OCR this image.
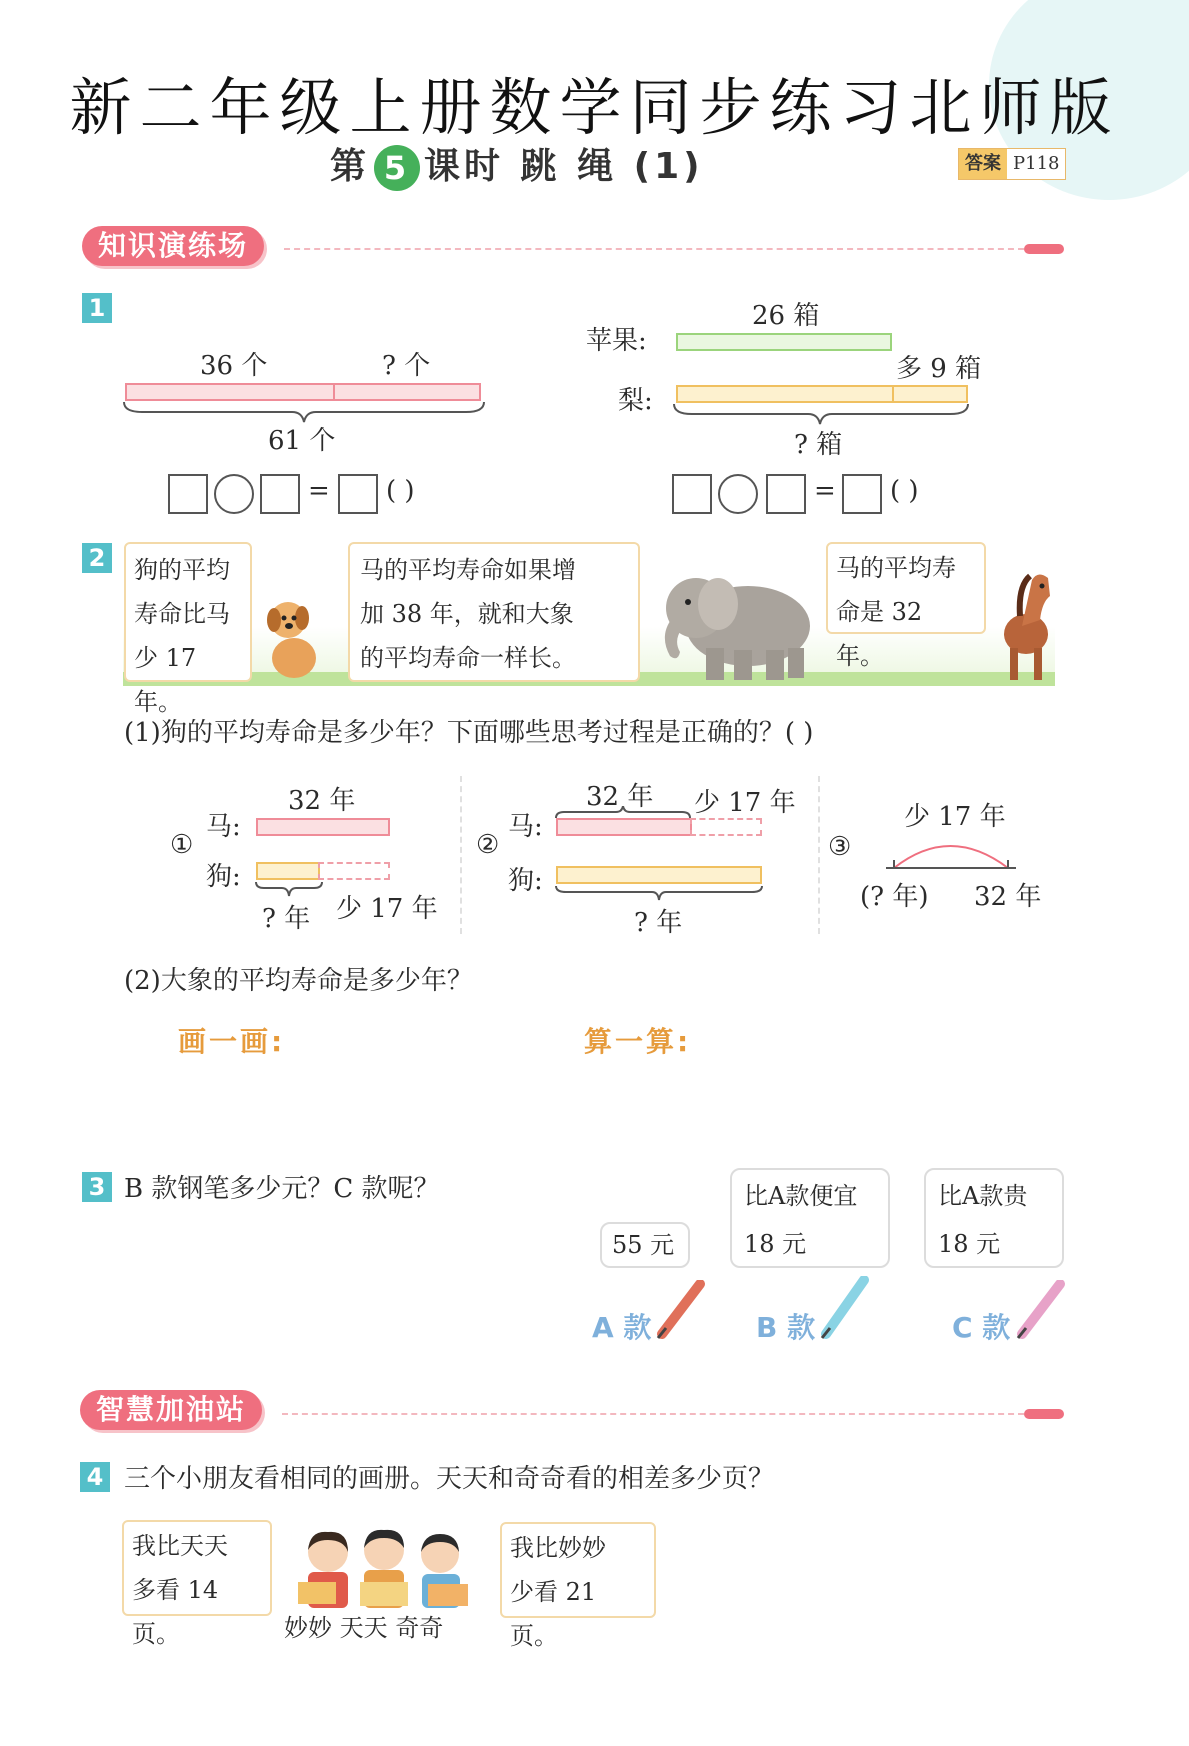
新二年级上册数学同步练习北师版
第 5 课时 跳 绳 (1)	答案 P118
知识演练场
1
36 个	? 个
61 个
= ( )
26 箱
苹果:
多 9 箱
梨:
? 箱
= ( )
2 狗的平均
寿命比马
少 17 年。
马的平均寿命如果增
加 38 年，就和大象
的平均寿命一样长。
马的平均寿
命是 32 年。
(1)狗的平均寿命是多少年？下面哪些思考过程是正确的？( )
①
32 年
马:
狗:
? 年 少 17 年
②
32 年 少 17 年
马:
狗:
? 年
③
少 17 年
(? 年) 32 年
(2)大象的平均寿命是多少年？
画一画:	算一算:
3 B 款钢笔多少元？C 款呢？
55 元
比A款便宜
18 元
比A款贵
18 元
A 款	B 款	C 款
智慧加油站
4 三个小朋友看相同的画册。天天和奇奇看的相差多少页？
我比天天
多看 14 页。	妙妙 天天 奇奇
我比妙妙
少看 21 页。
